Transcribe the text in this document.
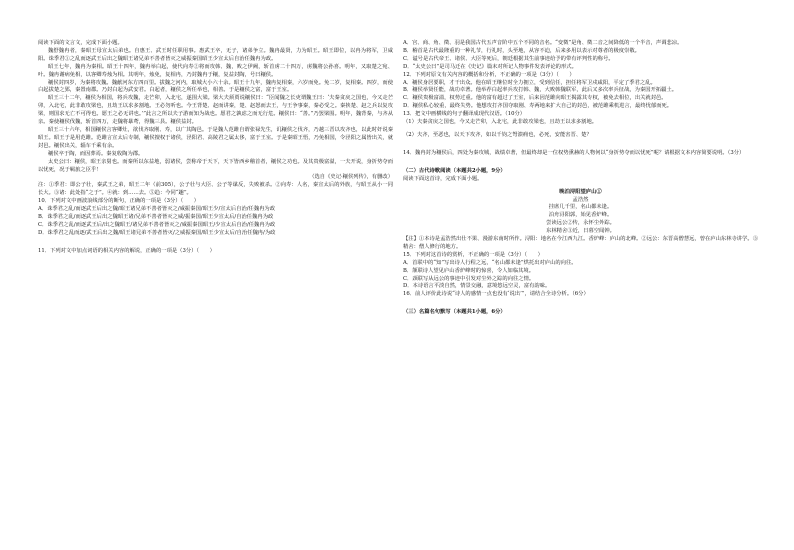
阅读下面的文言文，完成下面小题。

魏舒魏冉者，秦昭王母宣太后弟也。自惠王、武王时任职用事。惠武王卒，无子，诸弟争立。魏冉最贤，力为昭王。昭王即位，以冉为将军，卫咸阳。诛季君①之乱而逐武王后出之魏昭王诸兄弟不善者皆灭之威振秦国昭王少宣太后自治任魏冉为政。

昭王七年，魏冉为秦相。昭王十四年，魏冉举白起，使代向寿②将而攻韩、魏，败之伊阙，斩首虏二十四万，虏魏将公孙喜。明年，又取楚之宛、叶。魏冉谢病免相，以客卿寿烛为相。其明年，烛免，复相冉，乃封魏冉于穰，复益封陶，号曰穰侯。

穰侯封四岁，为秦将攻魏。魏献河东方四百里。拔魏之河内，取城大小六十余。昭王十九年，魏冉复相秦，六岁而免。免二岁，复相秦。四岁，而使白起拔楚之郢，秦置南郡。乃封白起为武安君。白起者，穰侯之所任举也，相善。于是穰侯之富，富于王室。

昭王三十二年，穰侯为相国，将兵攻魏，走芒卯，入北宅，遂围大梁。梁大夫须贾说穰侯曰：“臣闻魏之长吏谓魏王曰：‘夫秦贪戾之国也，今又走芒卯，入北宅，此非敢攻梁也，且劫王以求多割地。王必勿听也。今王背楚、赵而讲秦，楚、赵怒而去王，与王争事秦，秦必受之。秦挟楚、赵之兵以复攻梁，则国求无亡不可得也。愿王之必无讲也。’”此言之所以夫子游而知为战也。愿君之孰虑之而无行危。穰侯曰：“善。”乃罢梁围。明年，魏背秦，与齐从亲。秦使穰侯伐魏，斩首四万，走魏将暴鸢，得魏三县。穰侯益封。

昭王三十六年，相国穰侯言客卿灶，欲伐齐取刚、寿，以广其陶邑。于是魏人范雎自谓张禄先生，讥穰侯之伐齐，乃越三晋以攻齐也，以此时奸说秦昭王。昭王于是用范雎。范雎言宣太后专制，穰侯擅权于诸侯，泾阳君、高陵君之属太侈，富于王室。于是秦昭王悟，乃免相国，令泾阳之属皆出关，就封邑。穰侯出关，辎车千乘有余。

穰侯卒于陶，而因葬焉。秦复收陶为郡。

太史公曰：穰侯，昭王亲舅也。而秦所以东益地，弱诸侯，尝称帝于天下，天下皆西乡稽首者，穰侯之功也。及其贵极富溢，一夫开说，身折势夺而以忧死，况于羁旅之臣乎！

（选自《史记·穰侯列传》，有删改）

注：①季君：即公子壮，秦武王之弟，昭王二年（前305），公子壮与大臣、公子等谋反，失败被杀。②向寿：人名，秦宣太后的外族，与昭王从小一同长大。③诸：此处指“之于”。④就：到……去。⑤趋：今同“趣”。

10．下列对文中画波浪线部分的断句，正确的一项是（3分）（　　）

A．诛季君之乱/而逐武王后出之魏/昭王诸兄弟不善者皆灭之/威振秦国/昭王少/宣太后自治/任魏冉为政

B．诛季君之乱/而逐武王后出之魏昭王诸/兄弟不善者皆灭之威/振秦国/昭王少宣太后/自治任魏冉为政

C．诛季君之乱/而逐武王后/出之魏昭王/诸兄弟不善者皆灭之/威振秦国昭王/少宣太后自治/任魏冉为政

D．诛季君之乱而逐/武王后出之魏/昭王诸兄弟不善者皆灭/之威振秦国/昭王少宣太后/自治任魏冉/为政

11．下列对文中加点词语的相关内容的解说，正确的一项是（3分）（　　）

A．宫、商、角、徵、羽是我国古代五声音阶中五个不同的音名。“变徵”是角、徵二音之间降低的一个半音，声调悲凉。

B．稽首是古代最隆重的一种礼节，行礼时，头至地，从容不迫，后来多用以表示对尊者的极度崇敬。

C．谥号是古代帝王、诸侯、大臣等死后，朝廷根据其生前事迹给予的带有评判性的称号。

D．“太史公曰”是司马迁在《史记》篇末对所记人物事件发表评论的形式。

12．下列对原文有关内容的概括和分析，不正确的一项是（3分）（　　）

A．穰侯身居要职，才干出众。他在昭王继位时全力拥立，受到信任，担任将军卫戍咸阳，平定了季君之乱。

B．穰侯举贤任能，战功卓著。他举荐白起率兵攻打韩、魏，大败韩魏联军，此后又多次率兵征战，为秦国开拓疆土。

C．穰侯贵极富溢，权势过重。他的富有超过了王室，后来因范雎向昭王揭露其专权，被免去相位，出关就封邑。

D．穰侯私心较重，最终失势。他想攻打齐国夺取刚、寿两地来扩大自己的封邑，被范雎乘机进言，最终忧郁而死。

13．把文中画横线的句子翻译成现代汉语。（10分）

（1）夫秦贪戾之国也，今又走芒卯，入北宅，此非敢攻梁也，且劫王以求多割地。

（2）夫齐，至恶也，以天下攻齐，如以千钧之弩溃痈也，必死，安能害晋、楚？

14．魏冉封为穰侯后，四处为秦攻城，战绩卓著，但最终却是一位权势熏赫的人物何以“身折势夺而以忧死”呢？请根据文本内容简要说明。（3分）

（二）古代诗歌阅读（本题共2小题，9分）

阅读下面这首诗，完成下面小题。

晚泊浔阳望庐山①

孟浩然

挂席几千里，名山都未逢。

泊舟浔阳郭，始见香炉峰。

尝读远公②传，永怀尘外踪。

东林精舍③近，日暮空闻钟。

【注】①本诗是孟浩然出仕不果、漫游东南时所作。浔阳：地名在今江西九江。香炉峰：庐山的北峰。②远公：东晋高僧慧远，曾在庐山东林寺讲学。③精舍：僧人修行的地方。

15．下列对这首诗的赏析，不正确的一项是（3分）（　　）

A．首联中的“知”写出诗人行程之远，“名山都未逢”烘托出对庐山的向往。

B．颔联诗人望见庐山香炉峰时的惊喜，令人如临其境。

C．颈联写从远公的事迹中引发对尘外之踪的向往之情。

D．本诗语言平淡自然，情景交融，意境悠远空灵，富有韵味。

16．前人评价此诗说“诗人的感情一点也没有‘说出’”，请结合全诗分析。（6分）

（三）名篇名句默写（本题共1小题，6分）
